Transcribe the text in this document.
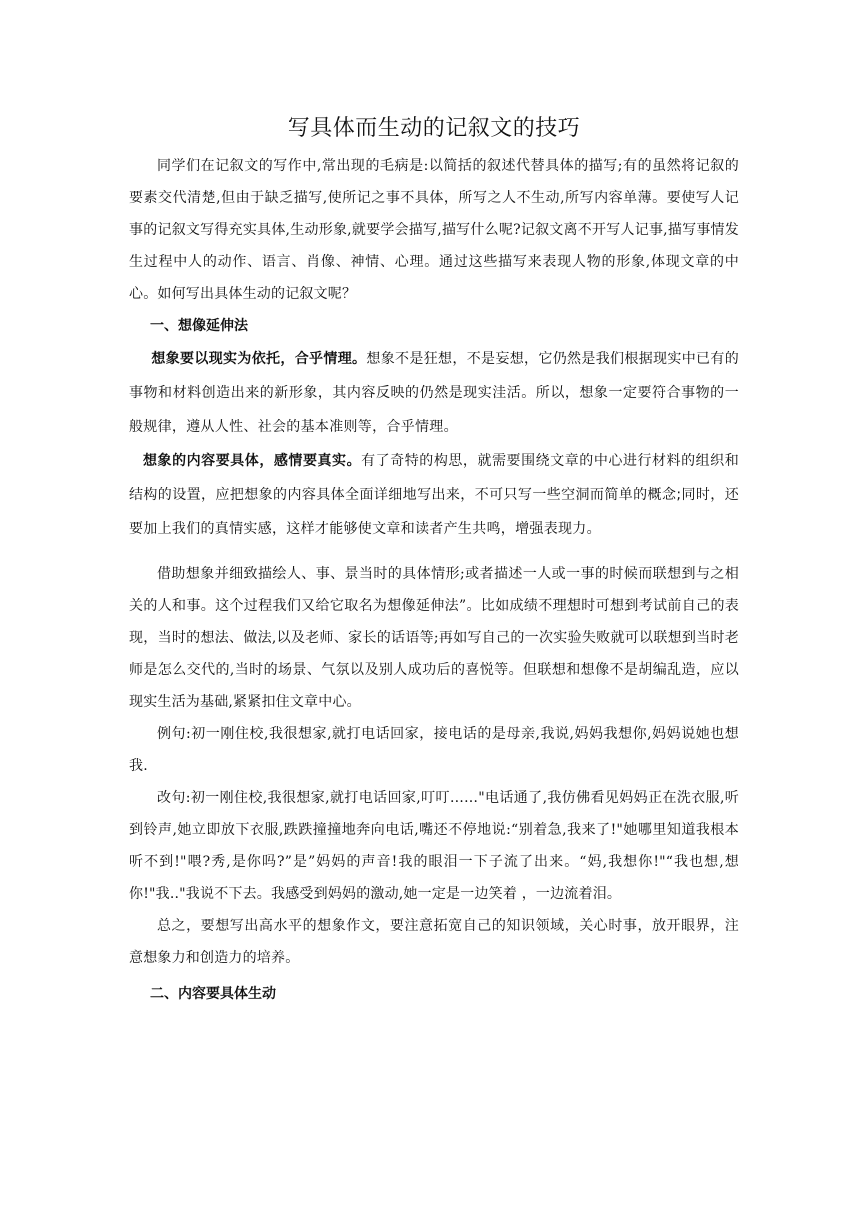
写具体而生动的记叙文的技巧

同学们在记叙文的写作中,常出现的毛病是:以简括的叙述代替具体的描写;有的虽然将记叙的要素交代清楚,但由于缺乏描写,使所记之事不具体，所写之人不生动,所写内容单薄。要使写人记事的记叙文写得充实具体,生动形象,就要学会描写,描写什么呢?记叙文离不开写人记事,描写事情发生过程中人的动作、语言、肖像、神情、心理。通过这些描写来表现人物的形象,体现文章的中心。如何写出具体生动的记叙文呢？

一、想像延伸法

想象要以现实为依托，合乎情理。想象不是狂想，不是妄想，它仍然是我们根据现实中已有的事物和材料创造出来的新形象，其内容反映的仍然是现实洼活。所以，想象一定要符合事物的一般规律，遵从人性、社会的基本准则等，合乎情理。

想象的内容要具体，感情要真实。有了奇特的构思，就需要围绕文章的中心进行材料的组织和结构的设置，应把想象的内容具体全面详细地写出来，不可只写一些空洞而简单的概念;同时，还要加上我们的真情实感，这样才能够使文章和读者产生共鸣，增强表现力。

借助想象并细致描绘人、事、景当时的具体情形;或者描述一人或一事的时候而联想到与之相关的人和事。这个过程我们又给它取名为想像延伸法”。比如成绩不理想时可想到考试前自己的表现，当时的想法、做法,以及老师、家长的话语等;再如写自己的一次实验失败就可以联想到当时老师是怎么交代的,当时的场景、气氛以及别人成功后的喜悦等。但联想和想像不是胡编乱造，应以现实生活为基础,紧紧扣住文章中心。

例句:初一刚住校,我很想家,就打电话回家，接电话的是母亲,我说,妈妈我想你,妈妈说她也想我.

改句:初一刚住校,我很想家,就打电话回家,叮叮……"电话通了,我仿佛看见妈妈正在洗衣服,听到铃声,她立即放下衣服,跌跌撞撞地奔向电话,嘴还不停地说:“别着急,我来了!"她哪里知道我根本听不到!"喂?秀,是你吗?”是”妈妈的声音!我的眼泪一下子流了出来。“妈,我想你!"“我也想,想你!"我.."我说不下去。我感受到妈妈的激动,她一定是一边笑着 ，一边流着泪。

总之，要想写出高水平的想象作文，要注意拓宽自己的知识领域，关心时事，放开眼界，注意想象力和创造力的培养。

二、内容要具体生动
